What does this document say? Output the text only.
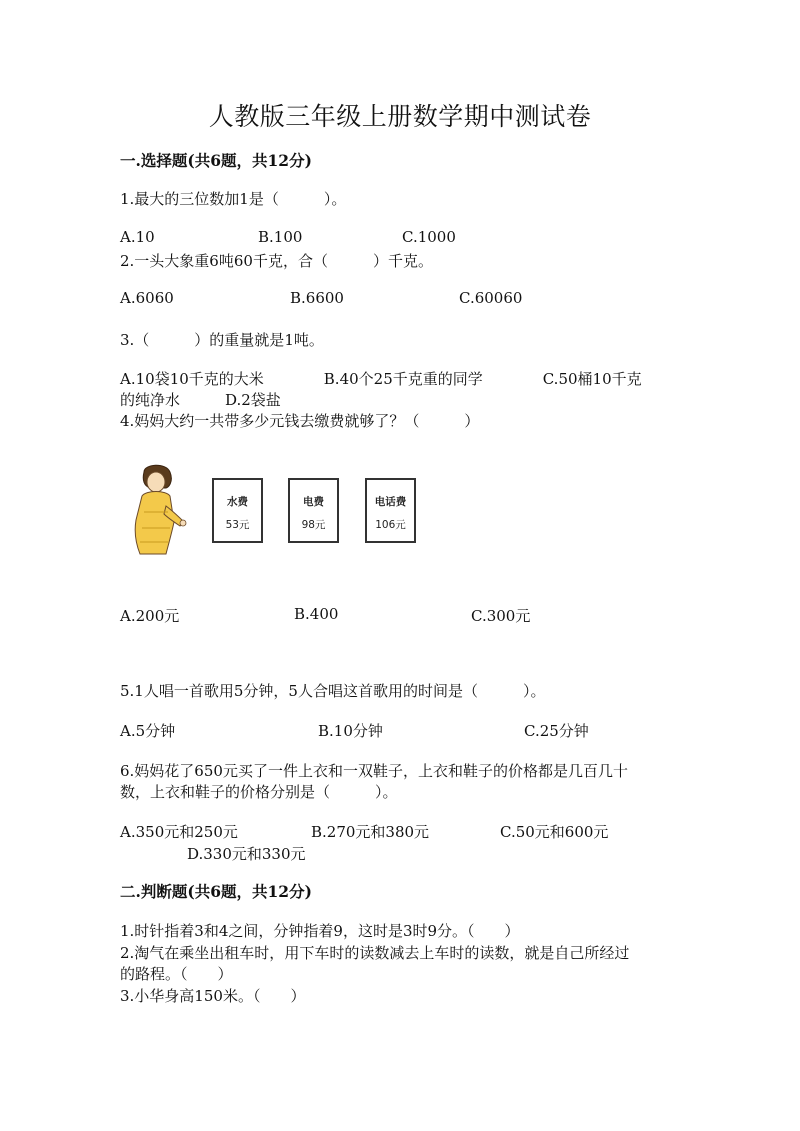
人教版三年级上册数学期中测试卷
一.选择题(共6题，共12分)
1.最大的三位数加1是（　　　）。
A.10	B.100	C.1000
2.一头大象重6吨60千克，合（　　　）千克。
A.6060	B.6600	C.60060
3.（　　　）的重量就是1吨。
A.10袋10千克的大米　　　　B.40个25千克重的同学　　　　C.50桶10千克
的纯净水　　　D.2袋盐
4.妈妈大约一共带多少元钱去缴费就够了？（　　　）
水费
53元
电费
98元
电话费
106元
A.200元	B.400	C.300元
5.1人唱一首歌用5分钟，5人合唱这首歌用的时间是（　　　）。
A.5分钟	B.10分钟	C.25分钟
6.妈妈花了650元买了一件上衣和一双鞋子，上衣和鞋子的价格都是几百几十
数，上衣和鞋子的价格分别是（　　　）。
A.350元和250元	B.270元和380元	C.50元和600元
D.330元和330元
二.判断题(共6题，共12分)
1.时针指着3和4之间，分钟指着9，这时是3时9分。（　　）
2.淘气在乘坐出租车时，用下车时的读数减去上车时的读数，就是自己所经过
的路程。（　　）
3.小华身高150米。（　　）
